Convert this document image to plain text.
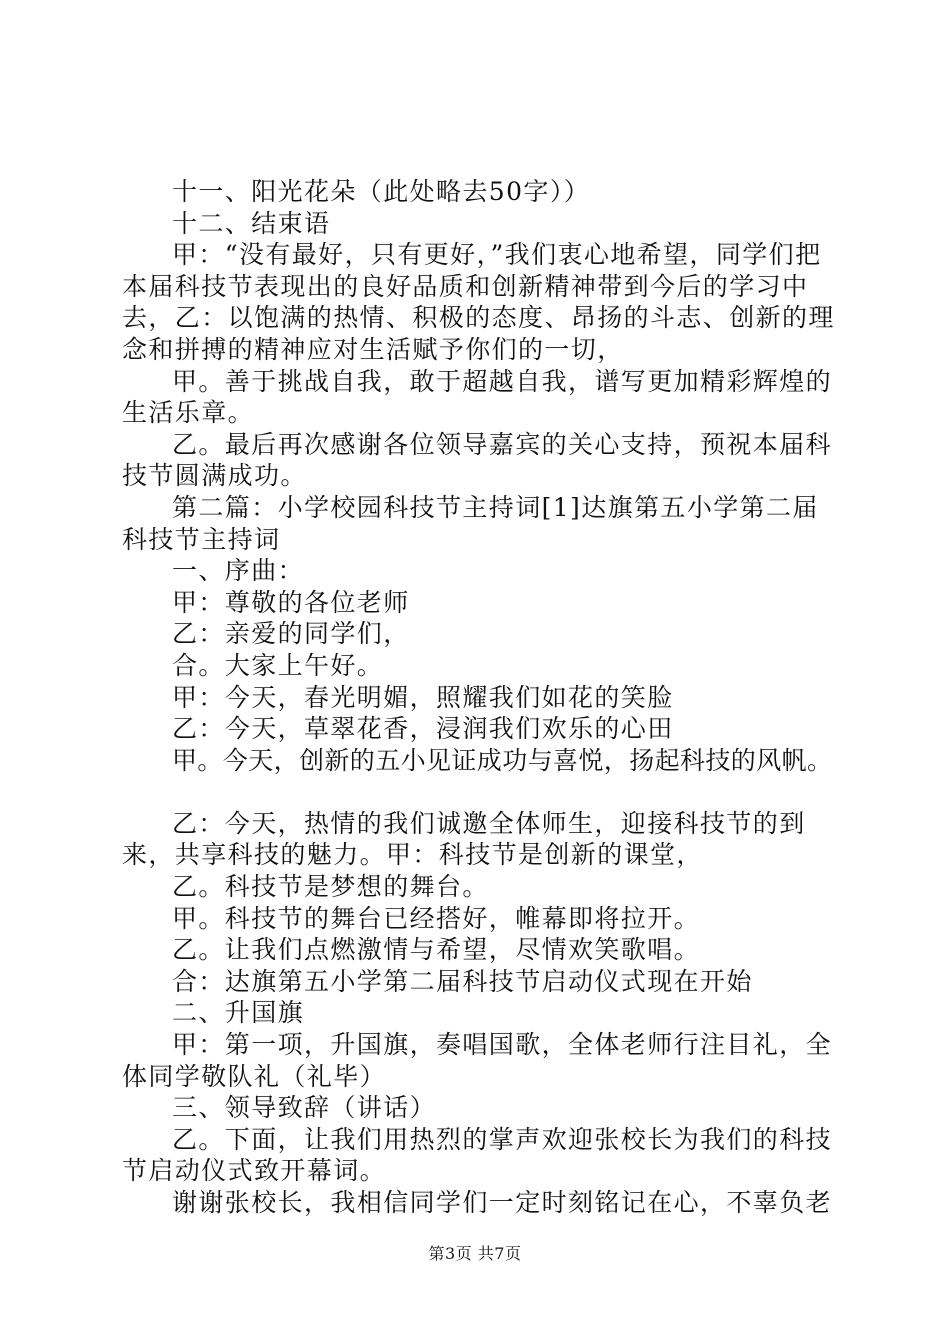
十一、阳光花朵（此处略去50字））

十二、结束语

甲：“没有最好，只有更好，”我们衷心地希望，同学们把本届科技节表现出的良好品质和创新精神带到今后的学习中去，乙：以饱满的热情、积极的态度、昂扬的斗志、创新的理念和拼搏的精神应对生活赋予你们的一切，

甲。善于挑战自我，敢于超越自我，谱写更加精彩辉煌的生活乐章。

乙。最后再次感谢各位领导嘉宾的关心支持，预祝本届科技节圆满成功。

第二篇：小学校园科技节主持词[1]达旗第五小学第二届科技节主持词

一、序曲：

甲：尊敬的各位老师

乙：亲爱的同学们，

合。大家上午好。

甲：今天，春光明媚，照耀我们如花的笑脸

乙：今天，草翠花香，浸润我们欢乐的心田

甲。今天，创新的五小见证成功与喜悦，扬起科技的风帆。

乙：今天，热情的我们诚邀全体师生，迎接科技节的到来，共享科技的魅力。甲：科技节是创新的课堂，

乙。科技节是梦想的舞台。

甲。科技节的舞台已经搭好，帷幕即将拉开。

乙。让我们点燃激情与希望，尽情欢笑歌唱。

合：达旗第五小学第二届科技节启动仪式现在开始

二、升国旗

甲：第一项，升国旗，奏唱国歌，全体老师行注目礼，全体同学敬队礼（礼毕）

三、领导致辞（讲话）

乙。下面，让我们用热烈的掌声欢迎张校长为我们的科技节启动仪式致开幕词。

谢谢张校长，我相信同学们一定时刻铭记在心，不辜负老

第3页 共7页
